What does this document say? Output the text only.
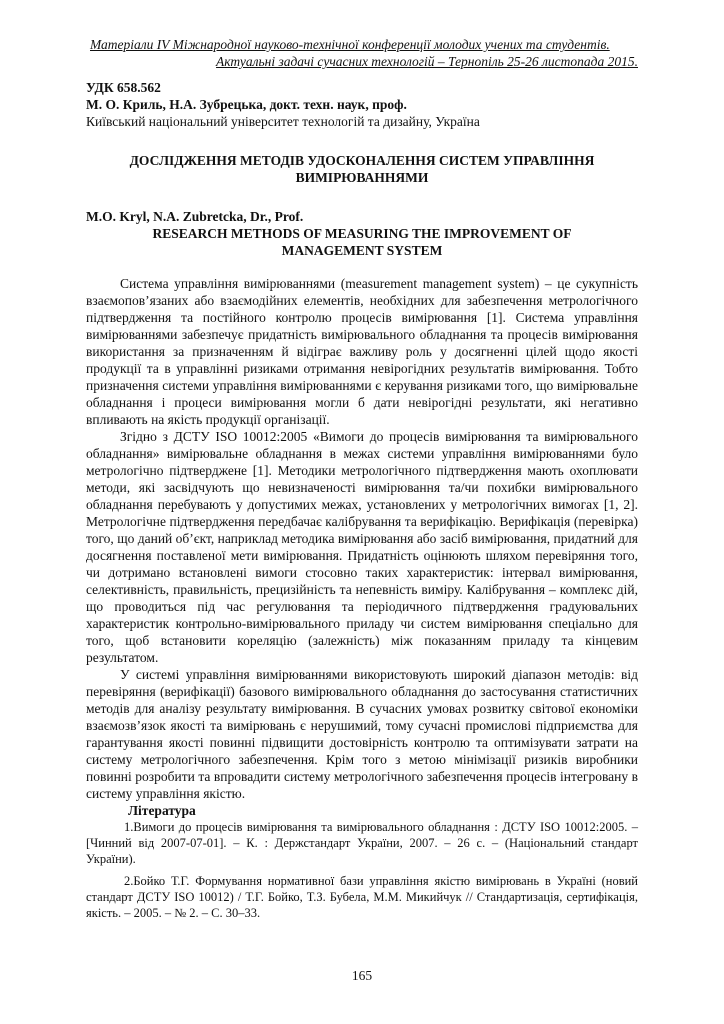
Матеріали IV Міжнародної науково-технічної конференції молодих учених та студентів.
Актуальні задачі сучасних технологій – Тернопіль 25-26 листопада 2015.
УДК 658.562
М. О. Криль, Н.А. Зубрецька, докт. техн. наук, проф.
Київський національний університет технологій та дизайну, Україна
ДОСЛІДЖЕННЯ МЕТОДІВ УДОСКОНАЛЕННЯ СИСТЕМ УПРАВЛІННЯ ВИМІРЮВАННЯМИ
M.O. Kryl, N.A. Zubretcka, Dr., Prof.
RESEARCH METHODS OF MEASURING THE IMPROVEMENT OF MANAGEMENT SYSTEM

Система управління вимірюваннями (measurement management system) – це сукупність взаємопов’язаних або взаємодійних елементів, необхідних для забезпечення метрологічного підтвердження та постійного контролю процесів вимірювання [1]. Система управління вимірюваннями забезпечує придатність вимірювального обладнання та процесів вимірювання використання за призначенням й відіграє важливу роль у досягненні цілей щодо якості продукції та в управлінні ризиками отримання невірогідних результатів вимірювання. Тобто призначення системи управління вимірюваннями є керування ризиками того, що вимірювальне обладнання і процеси вимірювання могли б дати невірогідні результати, які негативно впливають на якість продукції організації.

Згідно з ДСТУ ISO 10012:2005 «Вимоги до процесів вимірювання та вимірювального обладнання» вимірювальне обладнання в межах системи управління вимірюваннями було метрологічно підтверджене [1]. Методики метрологічного підтвердження мають охоплювати методи, які засвідчують що невизначеності вимірювання та/чи похибки вимірювального обладнання перебувають у допустимих межах, установлених у метрологічних вимогах [1, 2]. Метрологічне підтвердження передбачає калібрування та верифікацію. Верифікація (перевірка) того, що даний об’єкт, наприклад методика вимірювання або засіб вимірювання, придатний для досягнення поставленої мети вимірювання. Придатність оцінюють шляхом перевіряння того, чи дотримано встановлені вимоги стосовно таких характеристик: інтервал вимірювання, селективність, правильність, прецизійність та непевність виміру. Калібрування – комплекс дій, що проводиться під час регулювання та періодичного підтвердження градуювальних характеристик контрольно-вимірювального приладу чи систем вимірювання спеціально для того, щоб встановити кореляцію (залежність) між показанням приладу та кінцевим результатом.

У системі управління вимірюваннями використовують широкий діапазон методів: від перевіряння (верифікації) базового вимірювального обладнання до застосування статистичних методів для аналізу результату вимірювання. В сучасних умовах розвитку світової економіки взаємозв’язок якості та вимірювань є нерушимий, тому сучасні промислові підприємства для гарантування якості повинні підвищити достовірність контролю та оптимізувати затрати на систему метрологічного забезпечення. Крім того з метою мінімізації ризиків виробники повинні розробити та впровадити систему метрологічного забезпечення процесів інтегровану в систему управління якістю.

Література

1.Вимоги до процесів вимірювання та вимірювального обладнання : ДСТУ ISO 10012:2005. – [Чинний від 2007-07-01]. – К. : Держстандарт України, 2007. – 26 с. – (Національний стандарт України).

2.Бойко Т.Г. Формування нормативної бази управління якістю вимірювань в Україні (новий стандарт ДСТУ ISO 10012) / Т.Г. Бойко, Т.З. Бубела, М.М. Микийчук // Стандартизація, сертифікація, якість. – 2005. – № 2. – С. 30–33.

165
